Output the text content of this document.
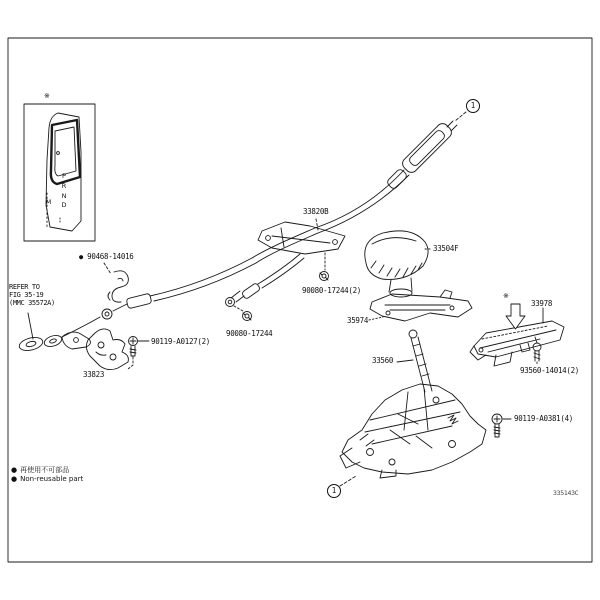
※
P
R
N
D
M
1
1
33820B
33504F
90080-17244(2)
35974
33978
93560-14014(2)
33560
90119-A0381(4)
● 90468-14016
90119-A0127(2)
33823
90080-17244
REFER TO
FIG 35-19
(MMC 35572A)
※
● 再使用不可部品
● Non-reusable part
335143C
